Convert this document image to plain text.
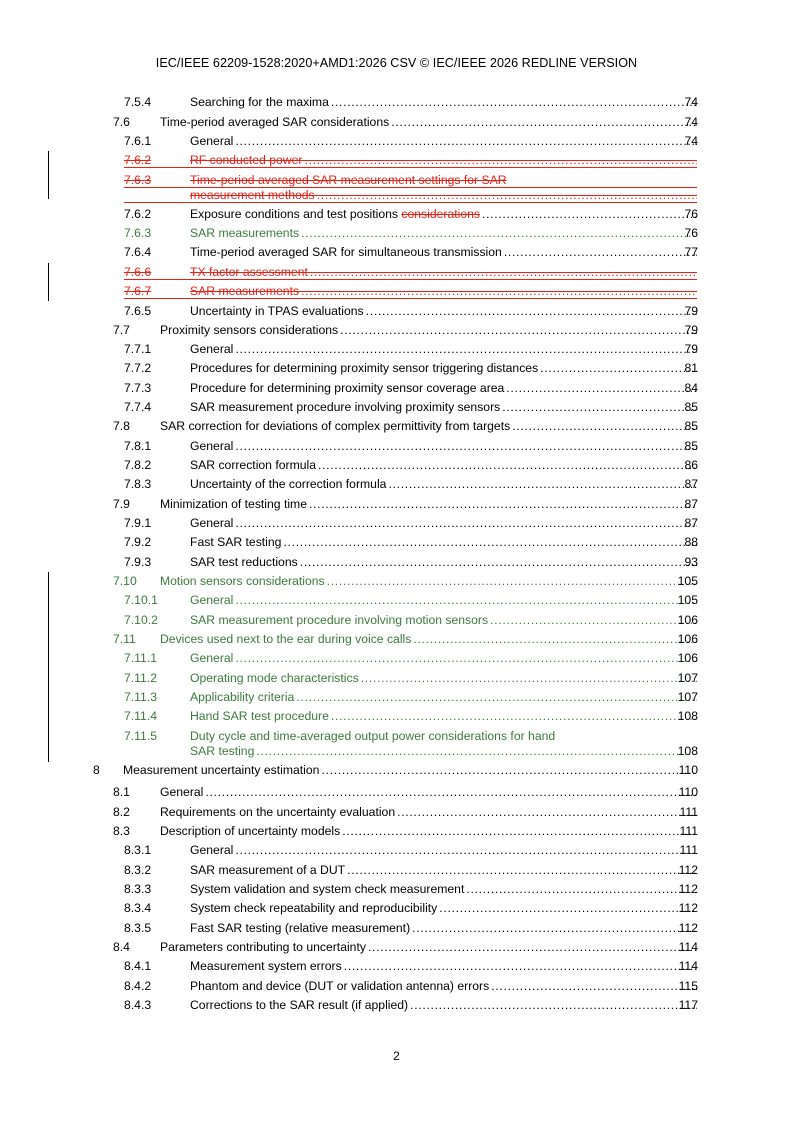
IEC/IEEE 62209-1528:2020+AMD1:2026 CSV © IEC/IEEE 2026 REDLINE VERSION
7.5.4	Searching for the maxima . . .	74
7.6 Time-period averaged SAR considerations . . .	74
7.6.1	General . . .	74
7.6.2	RF conducted power . . .
7.6.3	Time-period averaged SAR measurement settings for SAR
measurement methods . . .
7.6.2	Exposure conditions and test positions considerations . . .	76
7.6.3	SAR measurements . . .	76
7.6.4	Time-period averaged SAR for simultaneous transmission . . .	77
7.6.6	TX factor assessment . . .
7.6.7	SAR measurements . . .
7.6.5	Uncertainty in TPAS evaluations . . .	79
7.7 Proximity sensors considerations . . .	79
7.7.1	General . . .	79
7.7.2	Procedures for determining proximity sensor triggering distances . . .	81
7.7.3	Procedure for determining proximity sensor coverage area . . .	84
7.7.4	SAR measurement procedure involving proximity sensors . . .	85
7.8 SAR correction for deviations of complex permittivity from targets . . .	85
7.8.1	General . . .	85
7.8.2	SAR correction formula . . .	86
7.8.3	Uncertainty of the correction formula . . .	87
7.9 Minimization of testing time . . .	87
7.9.1	General . . .	87
7.9.2	Fast SAR testing . . .	88
7.9.3	SAR test reductions . . .	93
7.10 Motion sensors considerations . . .	105
7.10.1	General . . .	105
7.10.2	SAR measurement procedure involving motion sensors . . .	106
7.11 Devices used next to the ear during voice calls . . .	106
7.11.1	General . . .	106
7.11.2	Operating mode characteristics . . .	107
7.11.3	Applicability criteria . . .	107
7.11.4	Hand SAR test procedure . . .	108
7.11.5	Duty cycle and time-averaged output power considerations for hand
SAR testing . . .	108
8 Measurement uncertainty estimation . . .	110
8.1 General . . .	110
8.2 Requirements on the uncertainty evaluation . . .	111
8.3 Description of uncertainty models . . .	111
8.3.1	General . . .	111
8.3.2	SAR measurement of a DUT . . .	112
8.3.3	System validation and system check measurement . . .	112
8.3.4	System check repeatability and reproducibility . . .	112
8.3.5	Fast SAR testing (relative measurement) . . .	112
8.4 Parameters contributing to uncertainty . . .	114
8.4.1	Measurement system errors . . .	114
8.4.2	Phantom and device (DUT or validation antenna) errors . . .	115
8.4.3	Corrections to the SAR result (if applied) . . .	117
2
